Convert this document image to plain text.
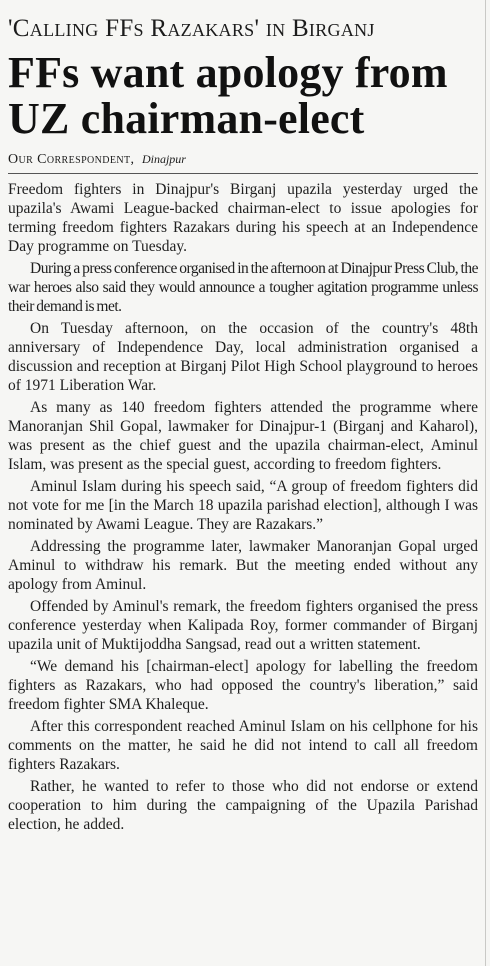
'Calling FFs Razakars' in Birganj
FFs want apology from UZ chairman-elect
Our Correspondent, Dinajpur

Freedom fighters in Dinajpur's Birganj upazila yesterday urged the upazila's Awami League-backed chairman-elect to issue apologies for terming freedom fighters Razakars during his speech at an Independence Day programme on Tuesday.

During a press conference organised in the afternoon at Dinajpur Press Club, the war heroes also said they would announce a tougher agitation programme unless their demand is met.

On Tuesday afternoon, on the occasion of the country's 48th anniversary of Independence Day, local administration organised a discussion and reception at Birganj Pilot High School playground to heroes of 1971 Liberation War.

As many as 140 freedom fighters attended the programme where Manoranjan Shil Gopal, lawmaker for Dinajpur-1 (Birganj and Kaharol), was present as the chief guest and the upazila chairman-elect, Aminul Islam, was present as the special guest, according to freedom fighters.

Aminul Islam during his speech said, “A group of freedom fighters did not vote for me [in the March 18 upazila parishad election], although I was nominated by Awami League. They are Razakars.”

Addressing the programme later, lawmaker Manoranjan Gopal urged Aminul to withdraw his remark. But the meeting ended without any apology from Aminul.

Offended by Aminul's remark, the freedom fighters organised the press conference yesterday when Kalipada Roy, former commander of Birganj upazila unit of Muktijoddha Sangsad, read out a written statement.

“We demand his [chairman-elect] apology for labelling the freedom fighters as Razakars, who had opposed the country's liberation,” said freedom fighter SMA Khaleque.

After this correspondent reached Aminul Islam on his cellphone for his comments on the matter, he said he did not intend to call all freedom fighters Razakars.

Rather, he wanted to refer to those who did not endorse or extend cooperation to him during the campaigning of the Upazila Parishad election, he added.
